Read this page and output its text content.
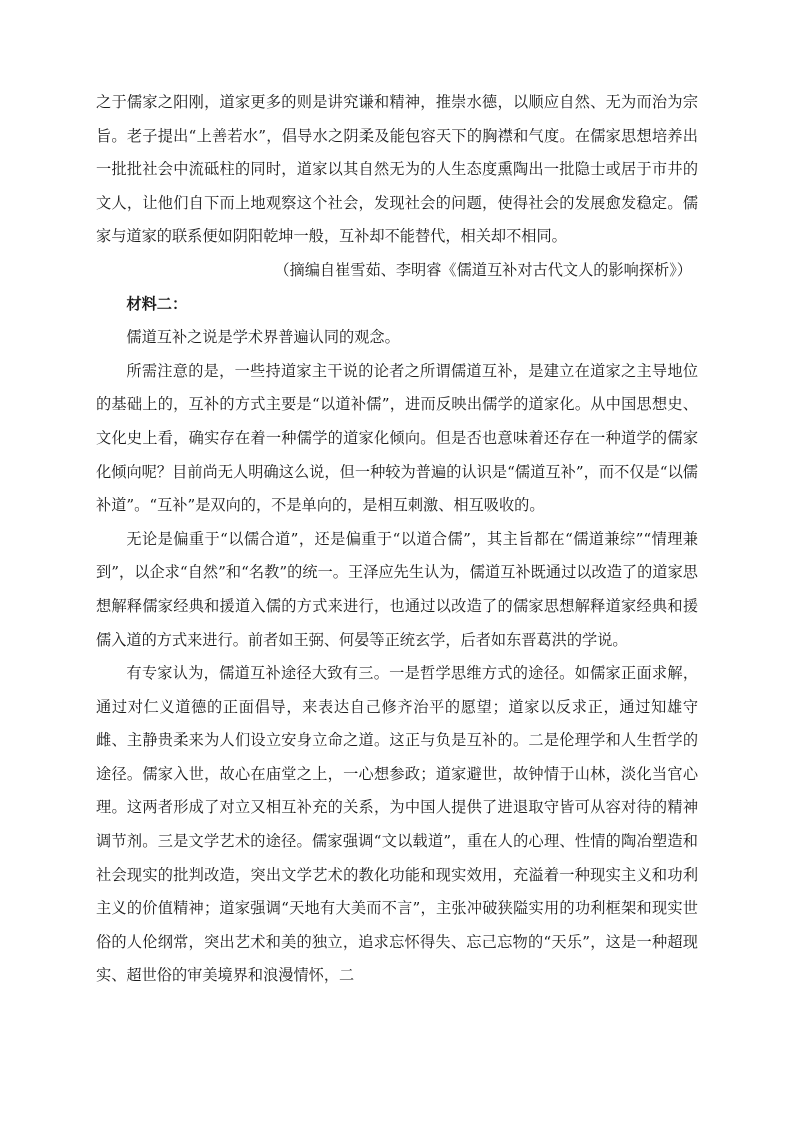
之于儒家之阳刚，道家更多的则是讲究谦和精神，推崇水德，以顺应自然、无为而治为宗旨。老子提出“上善若水”，倡导水之阴柔及能包容天下的胸襟和气度。在儒家思想培养出一批批社会中流砥柱的同时，道家以其自然无为的人生态度熏陶出一批隐士或居于市井的文人，让他们自下而上地观察这个社会，发现社会的问题，使得社会的发展愈发稳定。儒家与道家的联系便如阴阳乾坤一般，互补却不能替代，相关却不相同。

（摘编自崔雪茹、李明睿《儒道互补对古代文人的影响探析》）

材料二：

儒道互补之说是学术界普遍认同的观念。

所需注意的是，一些持道家主干说的论者之所谓儒道互补，是建立在道家之主导地位的基础上的，互补的方式主要是“以道补儒”，进而反映出儒学的道家化。从中国思想史、文化史上看，确实存在着一种儒学的道家化倾向。但是否也意味着还存在一种道学的儒家化倾向呢？目前尚无人明确这么说，但一种较为普遍的认识是“儒道互补”，而不仅是“以儒补道”。“互补”是双向的，不是单向的，是相互刺激、相互吸收的。

无论是偏重于“以儒合道”，还是偏重于“以道合儒”，其主旨都在“儒道兼综”“情理兼到”，以企求“自然”和“名教”的统一。王泽应先生认为，儒道互补既通过以改造了的道家思想解释儒家经典和援道入儒的方式来进行，也通过以改造了的儒家思想解释道家经典和援儒入道的方式来进行。前者如王弼、何晏等正统玄学，后者如东晋葛洪的学说。

有专家认为，儒道互补途径大致有三。一是哲学思维方式的途径。如儒家正面求解，通过对仁义道德的正面倡导，来表达自己修齐治平的愿望；道家以反求正，通过知雄守雌、主静贵柔来为人们设立安身立命之道。这正与负是互补的。二是伦理学和人生哲学的途径。儒家入世，故心在庙堂之上，一心想参政；道家避世，故钟情于山林，淡化当官心理。这两者形成了对立又相互补充的关系，为中国人提供了进退取守皆可从容对待的精神调节剂。三是文学艺术的途径。儒家强调“文以载道”，重在人的心理、性情的陶冶塑造和社会现实的批判改造，突出文学艺术的教化功能和现实效用，充溢着一种现实主义和功利主义的价值精神；道家强调“天地有大美而不言”，主张冲破狭隘实用的功利框架和现实世俗的人伦纲常，突出艺术和美的独立，追求忘怀得失、忘己忘物的“天乐”，这是一种超现实、超世俗的审美境界和浪漫情怀，二
